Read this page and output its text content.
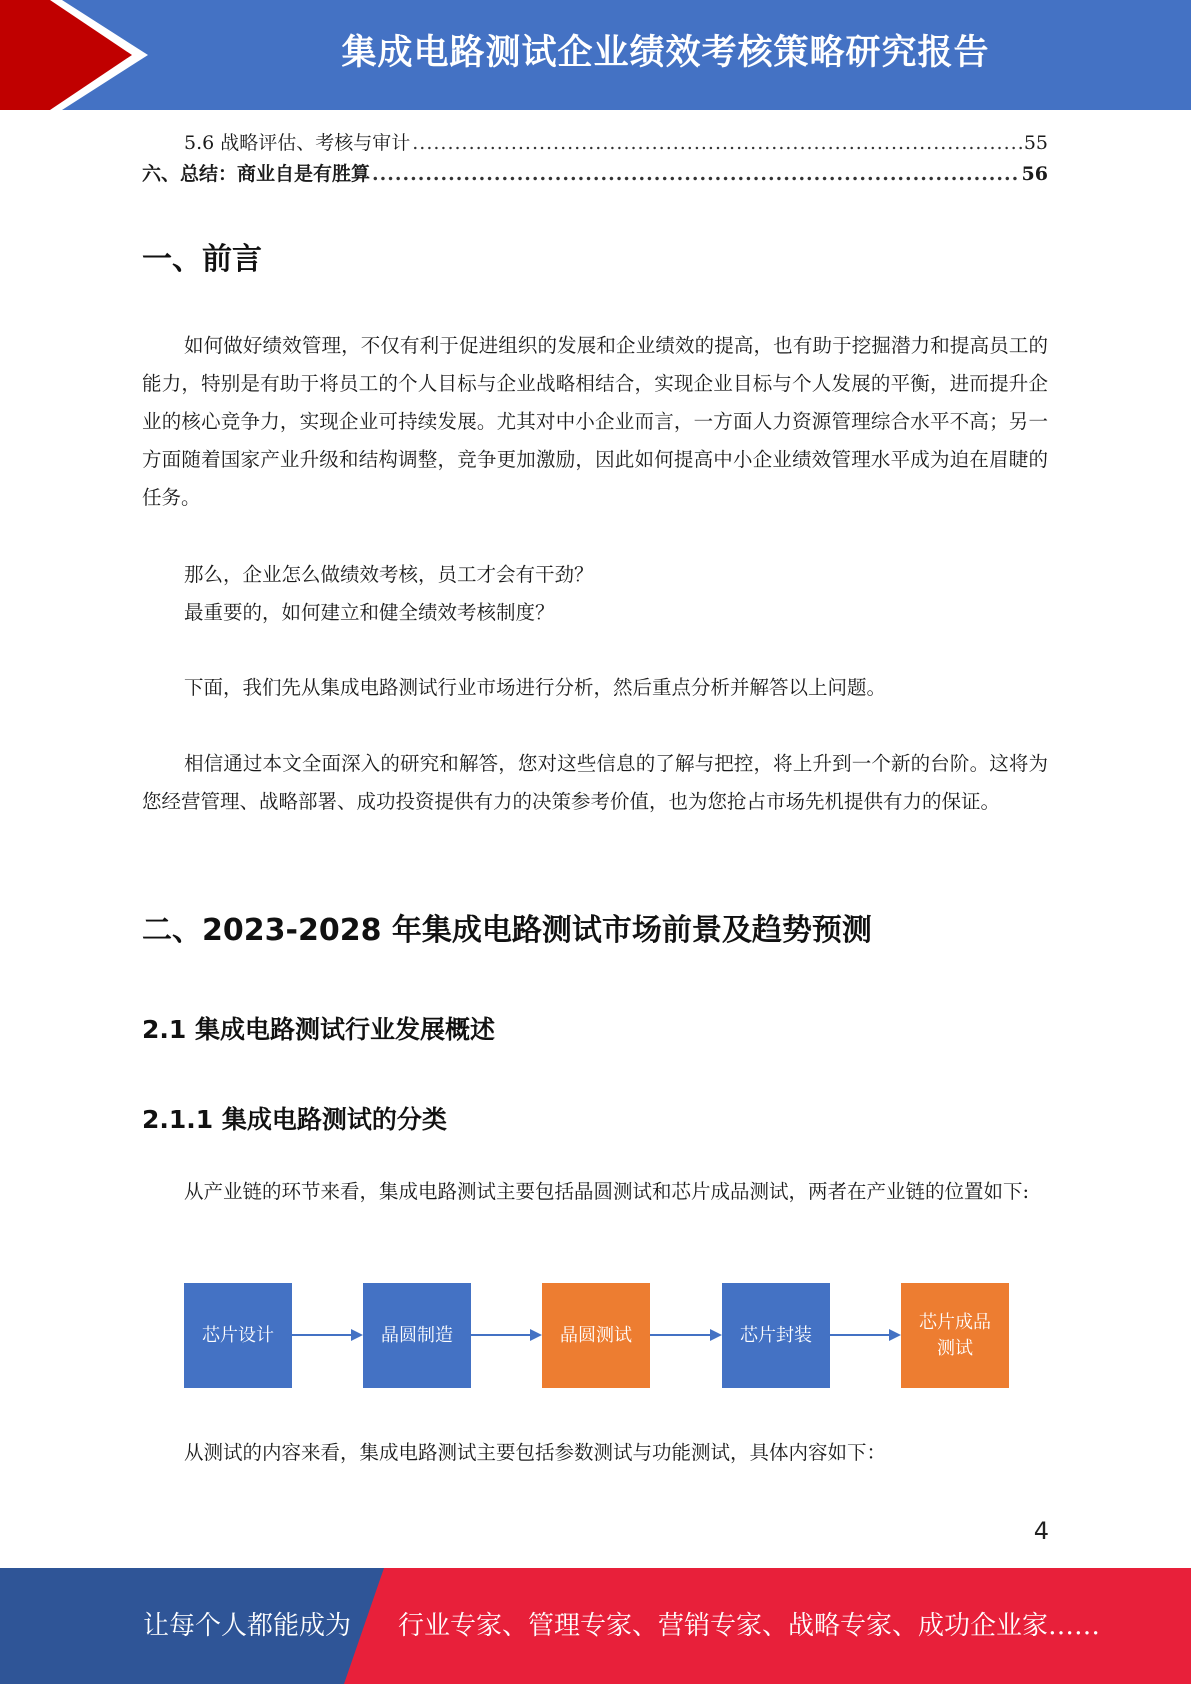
集成电路测试企业绩效考核策略研究报告
5.6 战略评估、考核与审计 .....	55
六、总结：商业自是有胜算 .....	56
一、前言

如何做好绩效管理，不仅有利于促进组织的发展和企业绩效的提高，也有助于挖掘潜力和提高员工的能力，特别是有助于将员工的个人目标与企业战略相结合，实现企业目标与个人发展的平衡，进而提升企业的核心竞争力，实现企业可持续发展。尤其对中小企业而言，一方面人力资源管理综合水平不高；另一方面随着国家产业升级和结构调整，竞争更加激励，因此如何提高中小企业绩效管理水平成为迫在眉睫的任务。

那么，企业怎么做绩效考核，员工才会有干劲？

最重要的，如何建立和健全绩效考核制度？

下面，我们先从集成电路测试行业市场进行分析，然后重点分析并解答以上问题。

相信通过本文全面深入的研究和解答，您对这些信息的了解与把控，将上升到一个新的台阶。这将为您经营管理、战略部署、成功投资提供有力的决策参考价值，也为您抢占市场先机提供有力的保证。

二、2023-2028 年集成电路测试市场前景及趋势预测
2.1 集成电路测试行业发展概述
2.1.1 集成电路测试的分类

从产业链的环节来看，集成电路测试主要包括晶圆测试和芯片成品测试，两者在产业链的位置如下:

芯片设计	晶圆制造	晶圆测试	芯片封装
芯片成品
测试

从测试的内容来看，集成电路测试主要包括参数测试与功能测试，具体内容如下：

4
让每个人都能成为 行业专家、管理专家、营销专家、战略专家、成功企业家……
